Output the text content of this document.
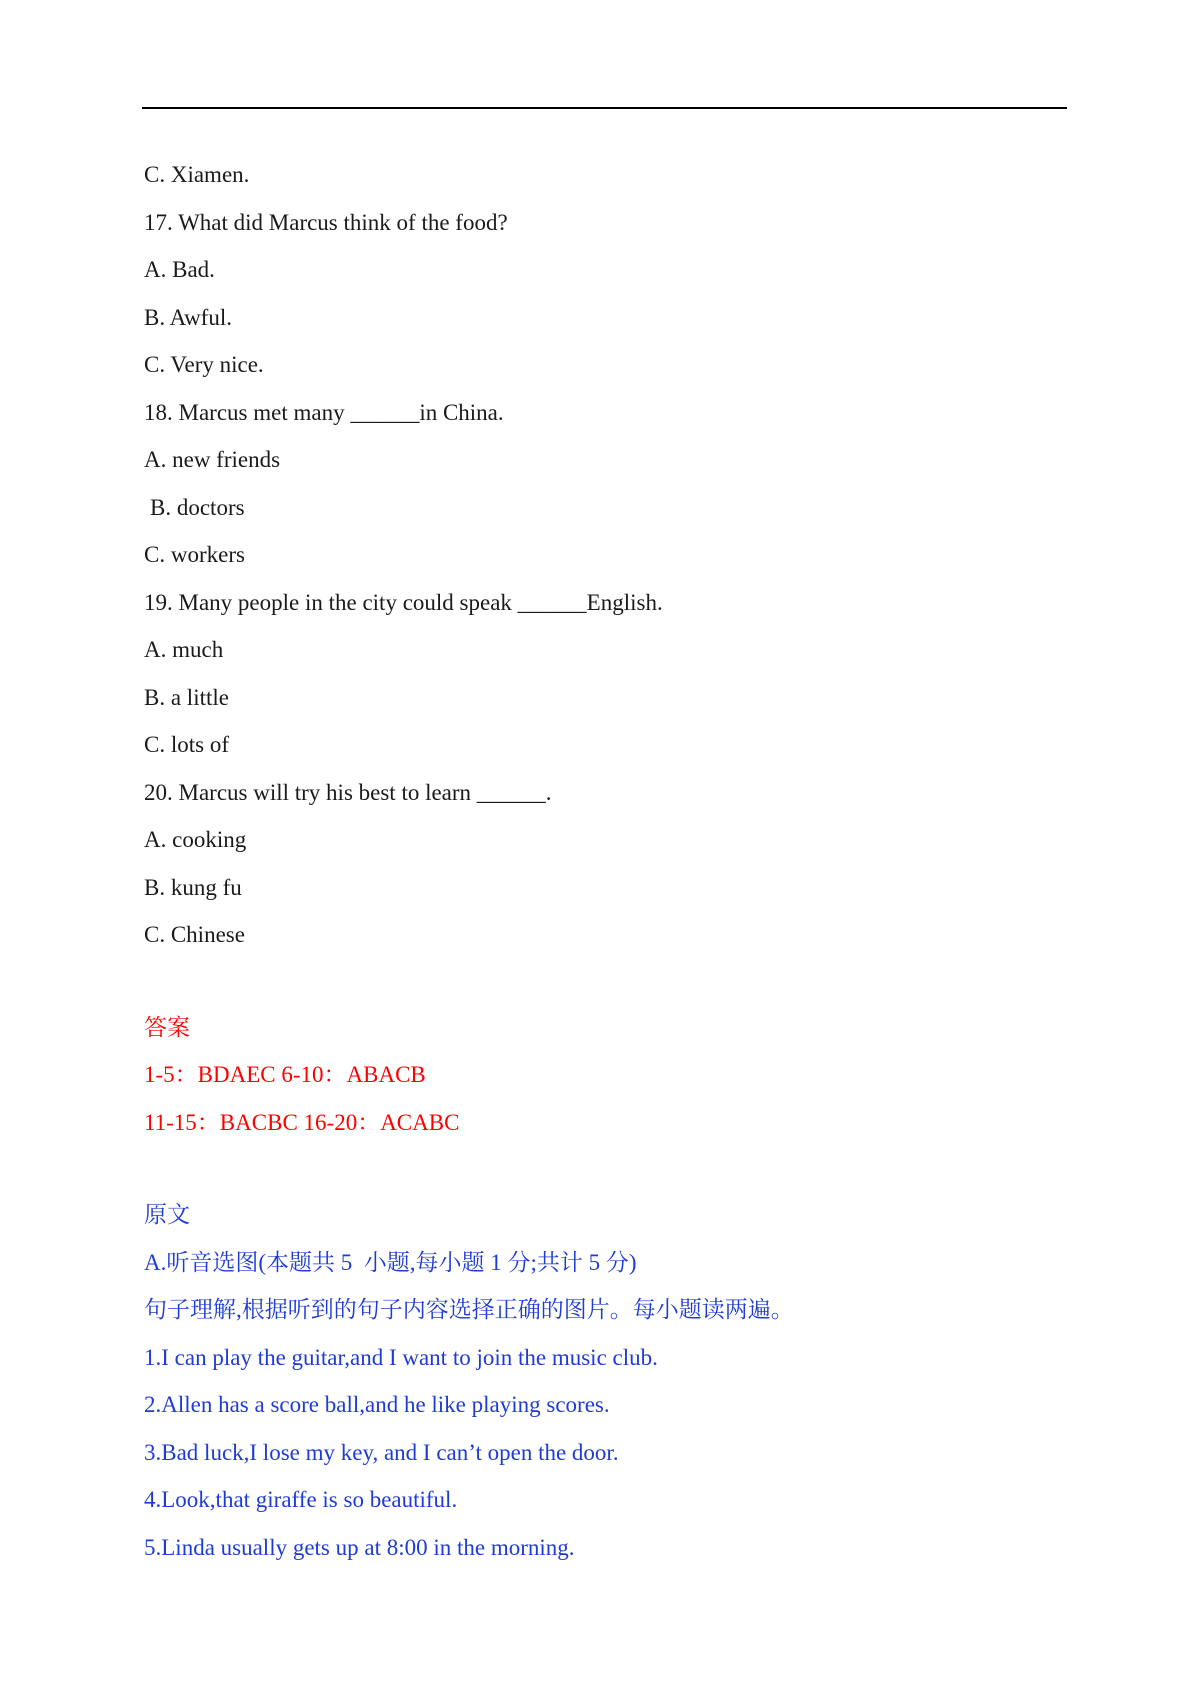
C. Xiamen.
17. What did Marcus think of the food?
A. Bad.
B. Awful.
C. Very nice.
18. Marcus met many ______in China.
A. new friends
B. doctors
C. workers
19. Many people in the city could speak ______English.
A. much
B. a little
C. lots of
20. Marcus will try his best to learn ______.
A. cooking
B. kung fu
C. Chinese
答案
1-5：BDAEC 6-10：ABACB
11-15：BACBC 16-20：ACABC
原文
A.听音选图(本题共 5  小题,每小题 1 分;共计 5 分)
句子理解,根据听到的句子内容选择正确的图片。每小题读两遍。
1.I can play the guitar,and I want to join the music club.
2.Allen has a score ball,and he like playing scores.
3.Bad luck,I lose my key, and I can’t open the door.
4.Look,that giraffe is so beautiful.
5.Linda usually gets up at 8:00 in the morning.
